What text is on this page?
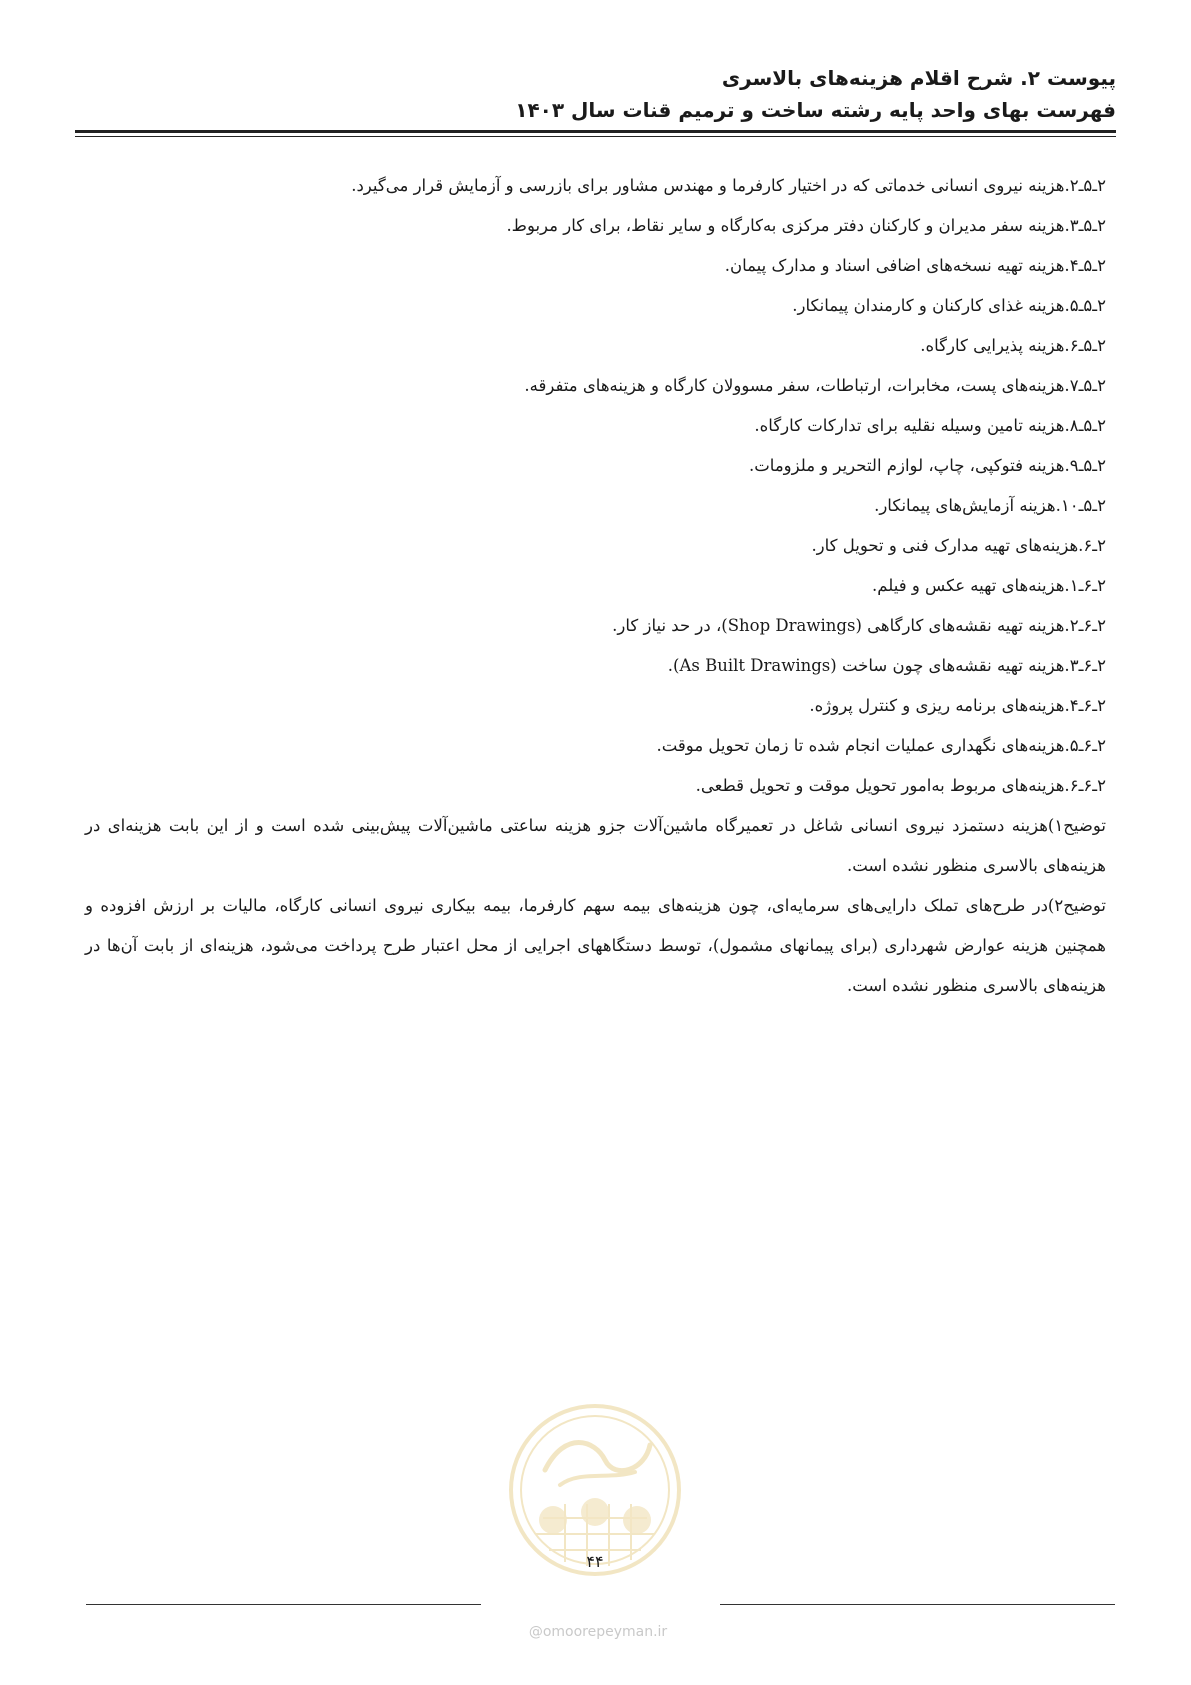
پیوست ۲. شرح اقلام هزینه‌های بالاسری
فهرست بهای واحد پایه رشته ساخت و ترمیم قنات سال ۱۴۰۳
۲ـ۵ـ۲.هزینه نیروی انسانی خدماتی که در اختیار کارفرما و مهندس مشاور برای بازرسی و آزمایش قرار می‌گیرد.
۲ـ۵ـ۳.هزینه سفر مدیران و کارکنان دفتر مرکزی به‌کارگاه و سایر نقاط، برای کار مربوط.
۲ـ۵ـ۴.هزینه تهیه نسخه‌های اضافی اسناد و مدارک پیمان.
۲ـ۵ـ۵.هزینه غذای کارکنان و کارمندان پیمانکار.
۲ـ۵ـ۶.هزینه پذیرایی کارگاه.
۲ـ۵ـ۷.هزینه‌های پست، مخابرات، ارتباطات، سفر مسوولان کارگاه و هزینه‌های متفرقه.
۲ـ۵ـ۸.هزینه تامین وسیله نقلیه برای تدارکات کارگاه.
۲ـ۵ـ۹.هزینه فتوکپی، چاپ، لوازم التحریر و ملزومات.
۲ـ۵ـ۱۰.هزینه آزمایش‌های پیمانکار.
۲ـ۶.هزینه‌های تهیه مدارک فنی و تحویل کار.
۲ـ۶ـ۱.هزینه‌های تهیه عکس و فیلم.
۲ـ۶ـ۲.هزینه تهیه نقشه‌های کارگاهی (Shop Drawings)، در حد نیاز کار.
۲ـ۶ـ۳.هزینه تهیه نقشه‌های چون ساخت (As Built Drawings).
۲ـ۶ـ۴.هزینه‌های برنامه ریزی و کنترل پروژه.
۲ـ۶ـ۵.هزینه‌های نگهداری عملیات انجام شده تا زمان تحویل موقت.
۲ـ۶ـ۶.هزینه‌های مربوط به‌امور تحویل موقت و تحویل قطعی.

توضیح۱)هزینه دستمزد نیروی انسانی شاغل در تعمیرگاه ماشین‌آلات جزو هزینه ساعتی ماشین‌آلات پیش‌بینی شده است و از این بابت هزینه‌ای در هزینه‌های بالاسری منظور نشده است.

توضیح۲)در طرح‌های تملک دارایی‌های سرمایه‌ای، چون هزینه‌های بیمه سهم کارفرما، بیمه بیکاری نیروی انسانی کارگاه، مالیات بر ارزش افزوده و همچنین هزینه عوارض شهرداری (برای پیمانهای مشمول)، توسط دستگاههای اجرایی از محل اعتبار طرح پرداخت می‌شود، هزینه‌ای از بابت آن‌ها در هزینه‌های بالاسری منظور نشده است.

۴۴
@omoorepeyman.ir
